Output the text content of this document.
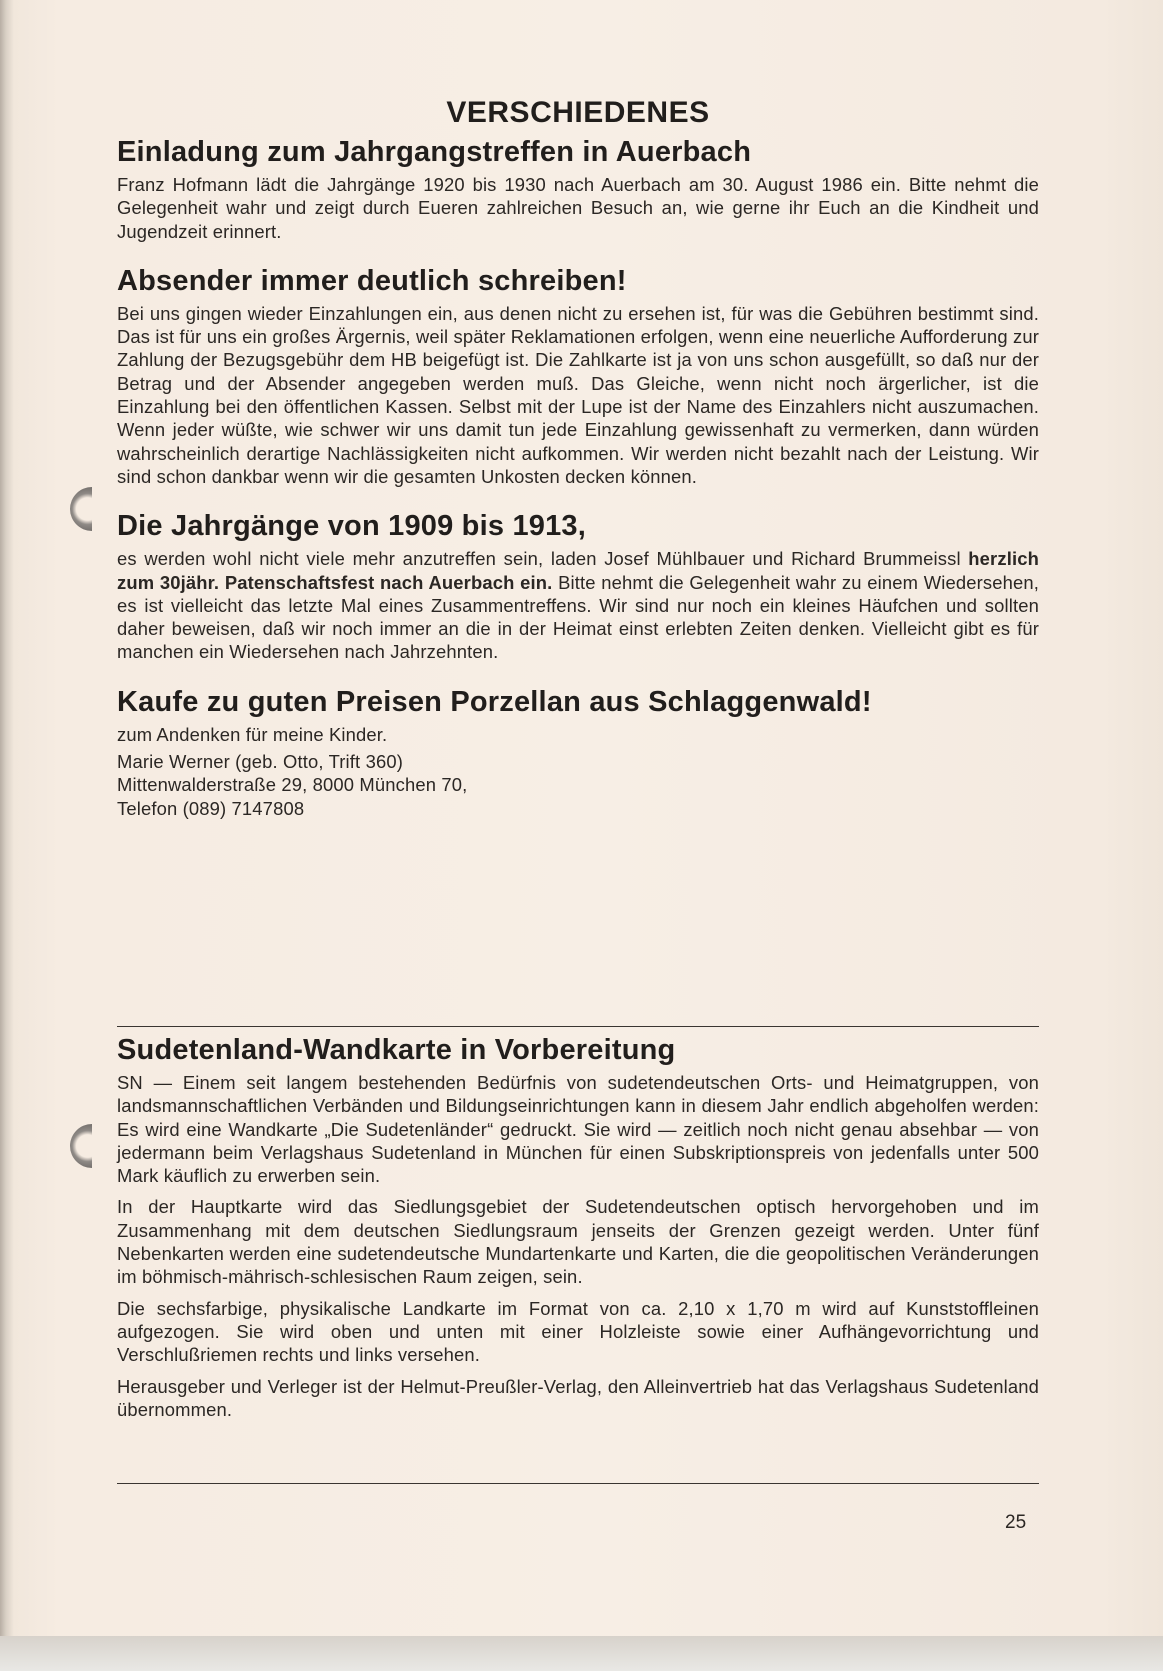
VERSCHIEDENES
Einladung zum Jahrgangstreffen in Auerbach

Franz Hofmann lädt die Jahrgänge 1920 bis 1930 nach Auerbach am 30. August 1986 ein. Bitte nehmt die Gelegenheit wahr und zeigt durch Eueren zahlreichen Besuch an, wie gerne ihr Euch an die Kindheit und Jugendzeit erinnert.

Absender immer deutlich schreiben!

Bei uns gingen wieder Einzahlungen ein, aus denen nicht zu ersehen ist, für was die Gebühren bestimmt sind. Das ist für uns ein großes Ärgernis, weil später Reklamationen erfolgen, wenn eine neuerliche Aufforderung zur Zahlung der Bezugsgebühr dem HB beigefügt ist. Die Zahlkarte ist ja von uns schon ausgefüllt, so daß nur der Betrag und der Absender angegeben werden muß. Das Gleiche, wenn nicht noch ärgerlicher, ist die Einzahlung bei den öffentlichen Kassen. Selbst mit der Lupe ist der Name des Einzahlers nicht auszumachen. Wenn jeder wüßte, wie schwer wir uns damit tun jede Einzahlung gewissenhaft zu vermerken, dann würden wahrscheinlich derartige Nachlässigkeiten nicht aufkommen. Wir werden nicht bezahlt nach der Leistung. Wir sind schon dankbar wenn wir die gesamten Unkosten decken können.

Die Jahrgänge von 1909 bis 1913,

es werden wohl nicht viele mehr anzutreffen sein, laden Josef Mühlbauer und Richard Brummeissl herzlich zum 30jähr. Patenschaftsfest nach Auerbach ein. Bitte nehmt die Gelegenheit wahr zu einem Wiedersehen, es ist vielleicht das letzte Mal eines Zusammentreffens. Wir sind nur noch ein kleines Häufchen und sollten daher beweisen, daß wir noch immer an die in der Heimat einst erlebten Zeiten denken. Vielleicht gibt es für manchen ein Wiedersehen nach Jahrzehnten.

Kaufe zu guten Preisen Porzellan aus Schlaggenwald!

zum Andenken für meine Kinder.

Marie Werner (geb. Otto, Trift 360)

Mittenwalderstraße 29, 8000 München 70,

Telefon (089) 7147808

Sudetenland-Wandkarte in Vorbereitung

SN — Einem seit langem bestehenden Bedürfnis von sudetendeutschen Orts- und Heimatgruppen, von landsmannschaftlichen Verbänden und Bildungseinrichtungen kann in diesem Jahr endlich abgeholfen werden: Es wird eine Wandkarte „Die Sudetenländer“ gedruckt. Sie wird — zeitlich noch nicht genau absehbar — von jedermann beim Verlagshaus Sudetenland in München für einen Subskriptionspreis von jedenfalls unter 500 Mark käuflich zu erwerben sein.

In der Hauptkarte wird das Siedlungsgebiet der Sudetendeutschen optisch hervorgehoben und im Zusammenhang mit dem deutschen Siedlungsraum jenseits der Grenzen gezeigt werden. Unter fünf Nebenkarten werden eine sudetendeutsche Mundartenkarte und Karten, die die geopolitischen Veränderungen im böhmisch-mährisch-schlesischen Raum zeigen, sein.

Die sechsfarbige, physikalische Landkarte im Format von ca. 2,10 x 1,70 m wird auf Kunststoffleinen aufgezogen. Sie wird oben und unten mit einer Holzleiste sowie einer Aufhängevorrichtung und Verschlußriemen rechts und links versehen.

Herausgeber und Verleger ist der Helmut-Preußler-Verlag, den Alleinvertrieb hat das Verlagshaus Sudetenland übernommen.

25
